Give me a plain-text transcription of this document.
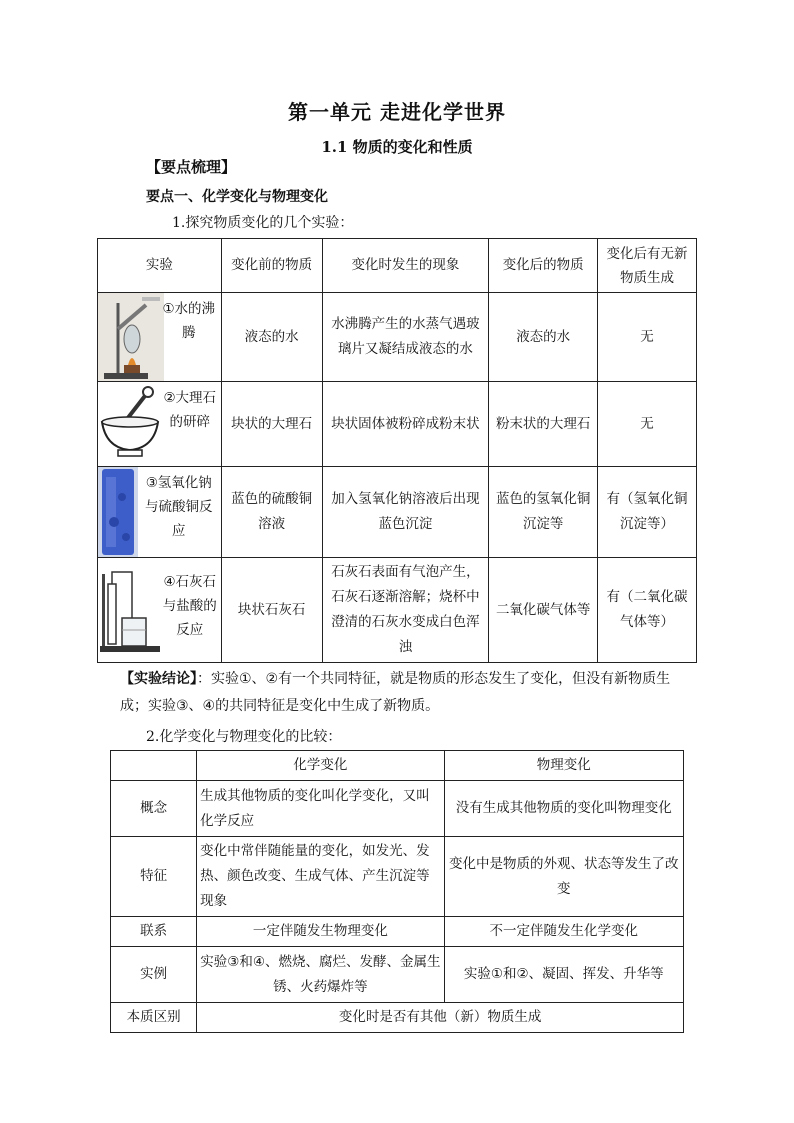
第一单元 走进化学世界
1.1 物质的变化和性质
【要点梳理】
要点一、化学变化与物理变化
1.探究物质变化的几个实验：
实验	变化前的物质	变化时发生的现象	变化后的物质	变化后有无新物质生成

①水的沸腾	液态的水	水沸腾产生的水蒸气遇玻璃片又凝结成液态的水	液态的水	无

②大理石的研碎	块状的大理石	块状固体被粉碎成粉末状	粉末状的大理石	无

③氢氧化钠与硫酸铜反应	蓝色的硫酸铜溶液	加入氢氧化钠溶液后出现蓝色沉淀	蓝色的氢氧化铜沉淀等	有（氢氧化铜沉淀等）

④石灰石与盐酸的反应	块状石灰石	石灰石表面有气泡产生，石灰石逐渐溶解；烧杯中澄清的石灰水变成白色浑浊	二氧化碳气体等	有（二氧化碳气体等）
【实验结论】：实验①、②有一个共同特征，就是物质的形态发生了变化，但没有新物质生成；实验③、④的共同特征是变化中生成了新物质。
2.化学变化与物理变化的比较：
	化学变化	物理变化
概念	生成其他物质的变化叫化学变化，又叫化学反应	没有生成其他物质的变化叫物理变化
特征	变化中常伴随能量的变化，如发光、发热、颜色改变、生成气体、产生沉淀等现象	变化中是物质的外观、状态等发生了改变
联系	一定伴随发生物理变化	不一定伴随发生化学变化
实例	实验③和④、燃烧、腐烂、发酵、金属生锈、火药爆炸等	实验①和②、凝固、挥发、升华等
本质区别	变化时是否有其他（新）物质生成	
